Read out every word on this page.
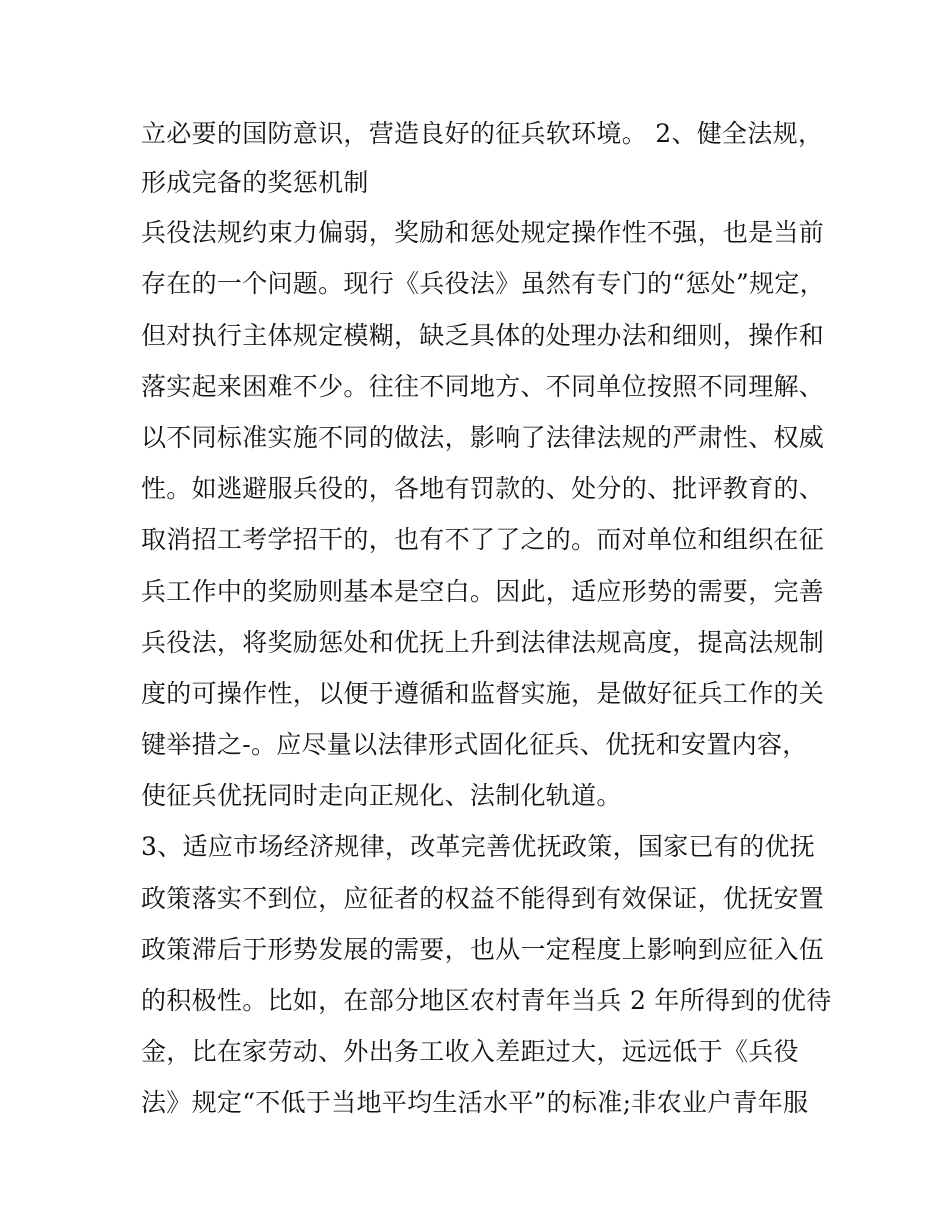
立必要的国防意识，营造良好的征兵软环境。 2、健全法规，
形成完备的奖惩机制
兵役法规约束力偏弱，奖励和惩处规定操作性不强，也是当前
存在的一个问题。现行《兵役法》虽然有专门的“惩处”规定，
但对执行主体规定模糊，缺乏具体的处理办法和细则，操作和
落实起来困难不少。往往不同地方、不同单位按照不同理解、
以不同标准实施不同的做法，影响了法律法规的严肃性、权威
性。如逃避服兵役的，各地有罚款的、处分的、批评教育的、
取消招工考学招干的，也有不了了之的。而对单位和组织在征
兵工作中的奖励则基本是空白。因此，适应形势的需要，完善
兵役法，将奖励惩处和优抚上升到法律法规高度，提高法规制
度的可操作性，以便于遵循和监督实施，是做好征兵工作的关
键举措之-。应尽量以法律形式固化征兵、优抚和安置内容，
使征兵优抚同时走向正规化、法制化轨道。
3、适应市场经济规律，改革完善优抚政策，国家已有的优抚
政策落实不到位，应征者的权益不能得到有效保证，优抚安置
政策滞后于形势发展的需要，也从一定程度上影响到应征入伍
的积极性。比如，在部分地区农村青年当兵 2 年所得到的优待
金，比在家劳动、外出务工收入差距过大，远远低于《兵役
法》规定“不低于当地平均生活水平”的标准;非农业户青年服
